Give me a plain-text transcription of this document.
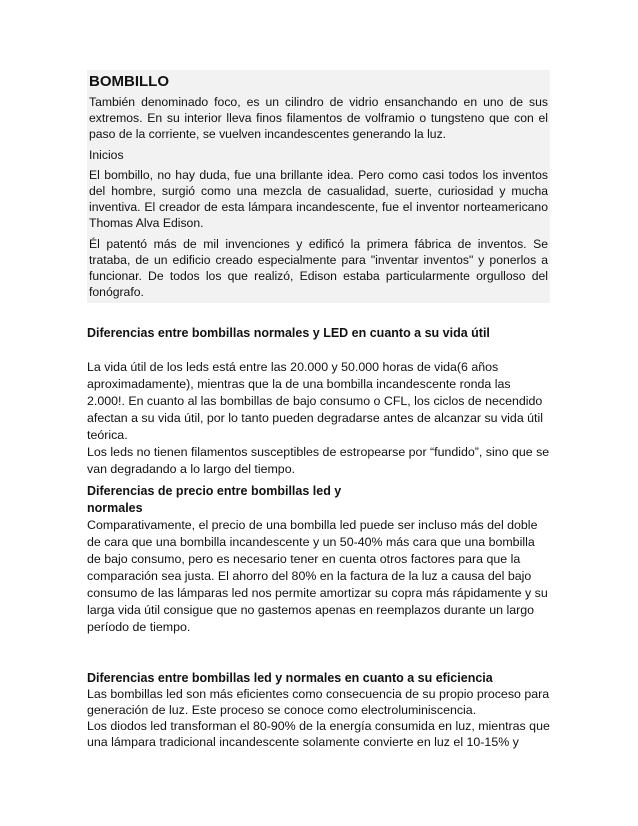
BOMBILLO

También denominado foco, es un cilindro de vidrio ensanchando en uno de sus extremos. En su interior lleva finos filamentos de volframio o tungsteno que con el paso de la corriente, se vuelven incandescentes generando la luz.

Inicios

El bombillo, no hay duda, fue una brillante idea. Pero como casi todos los inventos del hombre, surgió como una mezcla de casualidad, suerte, curiosidad y mucha inventiva. El creador de esta lámpara incandescente, fue el inventor norteamericano Thomas Alva Edison.

Él patentó más de mil invenciones y edificó la primera fábrica de inventos. Se trataba, de un edificio creado especialmente para "inventar inventos" y ponerlos a funcionar. De todos los que realizó, Edison estaba particularmente orgulloso del fonógrafo.

Diferencias entre bombillas normales y LED en cuanto a su vida útil

La vida útil de los leds está entre las 20.000 y 50.000 horas de vida(6 años aproximadamente), mientras que la de una bombilla incandescente ronda las 2.000!. En cuanto al las bombillas de bajo consumo o CFL, los ciclos de necendido afectan a su vida útil, por lo tanto pueden degradarse antes de alcanzar su vida útil teórica.

Los leds no tienen filamentos susceptibles de estropearse por “fundido”, sino que se van degradando a lo largo del tiempo.

Diferencias de precio entre bombillas led y normales

Comparativamente, el precio de una bombilla led puede ser incluso más del doble de cara que una bombilla incandescente y un 50-40% más cara que una bombilla de bajo consumo, pero es necesario tener en cuenta otros factores para que la comparación sea justa. El ahorro del 80% en la factura de la luz a causa del bajo consumo de las lámparas led nos permite amortizar su copra más rápidamente y su larga vida útil consigue que no gastemos apenas en reemplazos durante un largo período de tiempo.

Diferencias entre bombillas led y normales en cuanto a su eficiencia

Las bombillas led son más eficientes como consecuencia de su propio proceso para generación de luz. Este proceso se conoce como electroluminiscencia.

Los diodos led transforman el 80-90% de la energía consumida en luz, mientras que una lámpara tradicional incandescente solamente convierte en luz el 10-15% y
